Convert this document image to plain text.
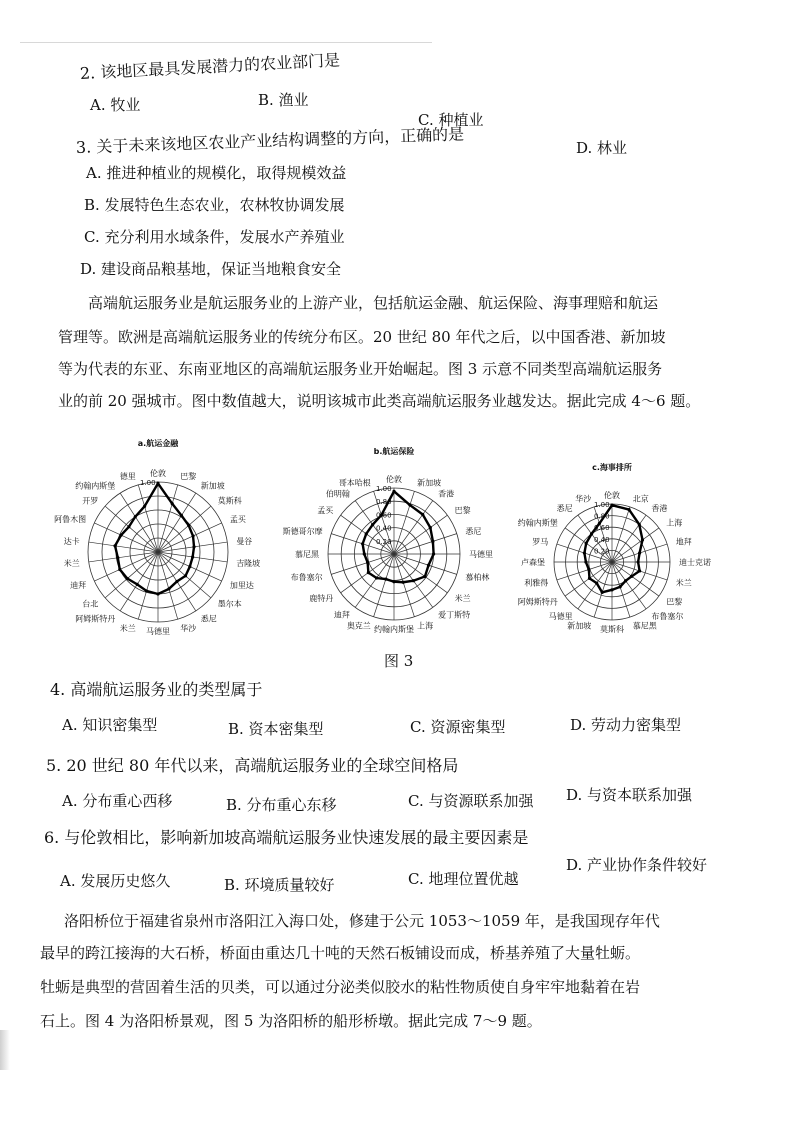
2. 该地区最具发展潜力的农业部门是
A. 牧业	B. 渔业
C. 种植业
D. 林业
3. 关于未来该地区农业产业结构调整的方向，正确的是
A. 推进种植业的规模化，取得规模效益
B. 发展特色生态农业，农林牧协调发展
C. 充分利用水域条件，发展水产养殖业
D. 建设商品粮基地，保证当地粮食安全
高端航运服务业是航运服务业的上游产业，包括航运金融、航运保险、海事理赔和航运
管理等。欧洲是高端航运服务业的传统分布区。20 世纪 80 年代之后，以中国香港、新加坡
等为代表的东亚、东南亚地区的高端航运服务业开始崛起。图 3 示意不同类型高端航运服务
业的前 20 强城市。图中数值越大，说明该城市此类高端航运服务业越发达。据此完成 4～6 题。
1.00
伦敦 巴黎
新加坡
莫斯科
孟买
曼谷
吉隆坡
加里达
墨尔本
悉尼
华沙
马德里
米兰
阿姆斯特丹
台北
迪拜
米兰
达卡
阿鲁木图
开罗
约翰内斯堡
德里
a.航运金融
0.20
0.40
0.60
0.80
1.00
伦敦 新加坡
香港
巴黎
悉尼
马德里
慕柏林
米兰
爱丁斯特
上海
约翰内斯堡
奥克兰
迪拜
鹿特丹
布鲁塞尔
慕尼黑
斯德哥尔摩
孟买
伯明翰
哥本哈根
b.航运保险
0.20
0.40
0.60
0.80
1.00
伦敦 北京
香港
上海
地拜
迪士克诺
米兰
巴黎
布鲁塞尔
慕尼黑
莫斯科
新加坡
马德里
阿姆斯特丹
利雅得
卢森堡
罗马
约翰内斯堡
悉尼
华沙
c.海事排所
图 3
4. 高端航运服务业的类型属于
A. 知识密集型	B. 资本密集型	C. 资源密集型	D. 劳动力密集型
5. 20 世纪 80 年代以来，高端航运服务业的全球空间格局
A. 分布重心西移	B. 分布重心东移	C. 与资源联系加强 D. 与资本联系加强
6. 与伦敦相比，影响新加坡高端航运服务业快速发展的最主要因素是
A. 发展历史悠久	B. 环境质量较好	C. 地理位置优越
D. 产业协作条件较好
洛阳桥位于福建省泉州市洛阳江入海口处，修建于公元 1053～1059 年，是我国现存年代
最早的跨江接海的大石桥，桥面由重达几十吨的天然石板铺设而成，桥基养殖了大量牡蛎。
牡蛎是典型的营固着生活的贝类，可以通过分泌类似胶水的粘性物质使自身牢牢地黏着在岩
石上。图 4 为洛阳桥景观，图 5 为洛阳桥的船形桥墩。据此完成 7～9 题。
